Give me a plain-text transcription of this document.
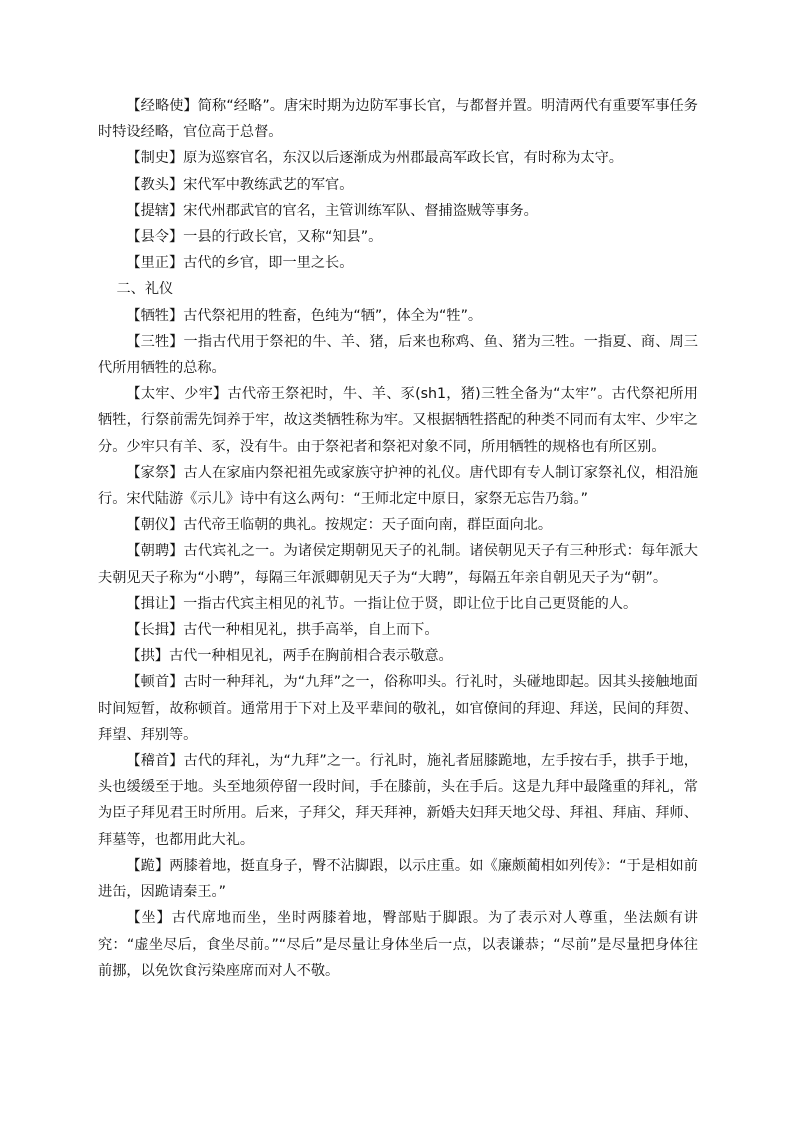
【经略使】简称“经略”。唐宋时期为边防军事长官，与都督并置。明清两代有重要军事任务时特设经略，官位高于总督。
【制史】原为巡察官名，东汉以后逐渐成为州郡最高军政长官，有时称为太守。
【教头】宋代军中教练武艺的军官。
【提辖】宋代州郡武官的官名，主管训练军队、督捕盗贼等事务。
【县令】一县的行政长官，又称“知县”。
【里正】古代的乡官，即一里之长。
二、礼仪
【牺牲】古代祭祀用的牲畜，色纯为“牺”，体全为“牲”。
【三牲】一指古代用于祭祀的牛、羊、猪，后来也称鸡、鱼、猪为三牲。一指夏、商、周三代所用牺牲的总称。
【太牢、少牢】古代帝王祭祀时，牛、羊、豕(sh1，猪)三牲全备为“太牢”。古代祭祀所用牺牲，行祭前需先饲养于牢，故这类牺牲称为牢。又根据牺牲搭配的种类不同而有太牢、少牢之分。少牢只有羊、豕，没有牛。由于祭祀者和祭祀对象不同，所用牺牲的规格也有所区别。
【家祭】古人在家庙内祭祀祖先或家族守护神的礼仪。唐代即有专人制订家祭礼仪，相沿施行。宋代陆游《示儿》诗中有这么两句：“王师北定中原日，家祭无忘告乃翁。”
【朝仪】古代帝王临朝的典礼。按规定：天子面向南，群臣面向北。
【朝聘】古代宾礼之一。为诸侯定期朝见天子的礼制。诸侯朝见天子有三种形式：每年派大夫朝见天子称为“小聘”，每隔三年派卿朝见天子为“大聘”，每隔五年亲自朝见天子为“朝”。
【揖让】一指古代宾主相见的礼节。一指让位于贤，即让位于比自己更贤能的人。
【长揖】古代一种相见礼，拱手高举，自上而下。
【拱】古代一种相见礼，两手在胸前相合表示敬意。
【顿首】古时一种拜礼，为“九拜”之一，俗称叩头。行礼时，头碰地即起。因其头接触地面时间短暂，故称顿首。通常用于下对上及平辈间的敬礼，如官僚间的拜迎、拜送，民间的拜贺、拜望、拜别等。
【稽首】古代的拜礼，为“九拜”之一。行礼时，施礼者屈膝跪地，左手按右手，拱手于地，头也缓缓至于地。头至地须停留一段时间，手在膝前，头在手后。这是九拜中最隆重的拜礼，常为臣子拜见君王时所用。后来，子拜父，拜天拜神，新婚夫妇拜天地父母、拜祖、拜庙、拜师、拜墓等，也都用此大礼。
【跪】两膝着地，挺直身子，臀不沾脚跟，以示庄重。如《廉颇蔺相如列传》：“于是相如前进缶，因跪请秦王。”
【坐】古代席地而坐，坐时两膝着地，臀部贴于脚跟。为了表示对人尊重，坐法颇有讲究：“虚坐尽后，食坐尽前。”“尽后”是尽量让身体坐后一点，以表谦恭；“尽前”是尽量把身体往前挪，以免饮食污染座席而对人不敬。
